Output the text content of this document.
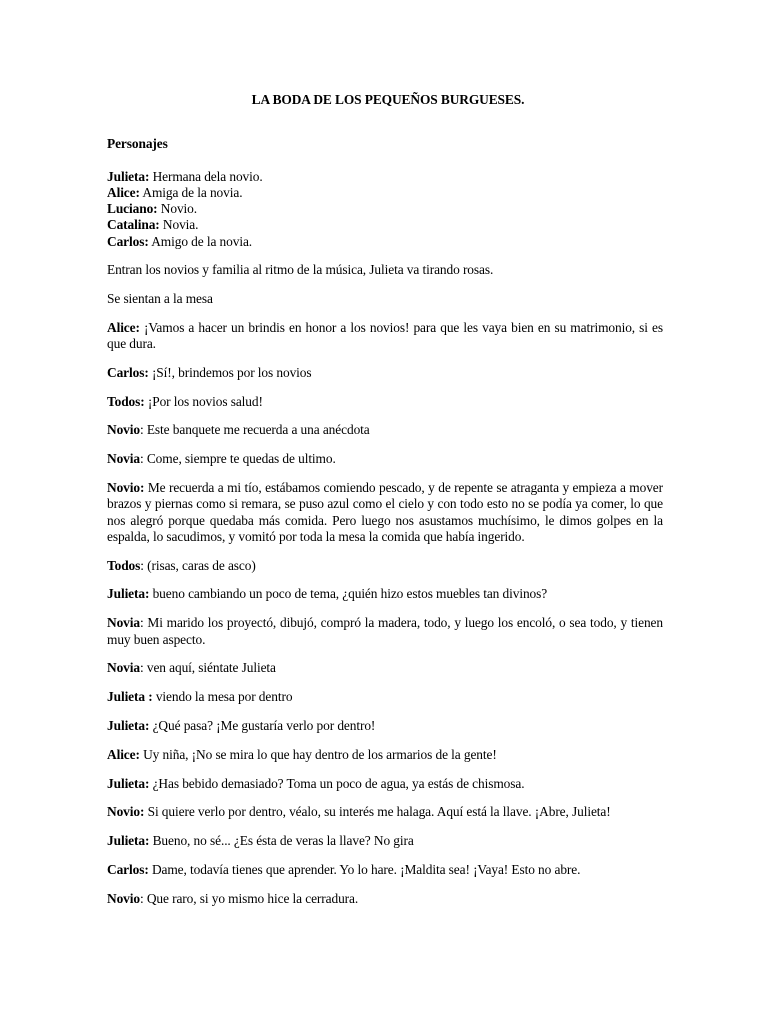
LA BODA DE LOS PEQUEÑOS BURGUESES.
Personajes
Julieta: Hermana dela novio.
Alice: Amiga de la novia.
Luciano: Novio.
Catalina: Novia.
Carlos: Amigo de la novia.

Entran los novios y familia al ritmo de la música, Julieta va tirando rosas.

Se sientan a la mesa

Alice: ¡Vamos a hacer un brindis en honor a los novios! para que les vaya bien en su matrimonio, si es que dura.

Carlos: ¡Sí!, brindemos por los novios

Todos: ¡Por los novios salud!

Novio: Este banquete me recuerda a una anécdota

Novia: Come, siempre te quedas de ultimo.

Novio: Me recuerda a mi tío, estábamos comiendo pescado, y de repente se atraganta y empieza a mover brazos y piernas como si remara, se puso azul como el cielo y con todo esto no se podía ya comer, lo que nos alegró porque quedaba más comida. Pero luego nos asustamos muchísimo, le dimos golpes en la espalda, lo sacudimos, y vomitó por toda la mesa la comida que había ingerido.

Todos: (risas, caras de asco)

Julieta: bueno cambiando un poco de tema, ¿quién hizo estos muebles tan divinos?

Novia: Mi marido los proyectó, dibujó, compró la madera, todo, y luego los encoló, o sea todo, y tienen muy buen aspecto.

Novia: ven aquí, siéntate Julieta

Julieta : viendo la mesa por dentro

Julieta: ¿Qué pasa? ¡Me gustaría verlo por dentro!

Alice: Uy niña, ¡No se mira lo que hay dentro de los armarios de la gente!

Julieta: ¿Has bebido demasiado? Toma un poco de agua, ya estás de chismosa.

Novio: Si quiere verlo por dentro, véalo, su interés me halaga. Aquí está la llave. ¡Abre, Julieta!

Julieta: Bueno, no sé... ¿Es ésta de veras la llave? No gira

Carlos: Dame, todavía tienes que aprender. Yo lo hare. ¡Maldita sea! ¡Vaya! Esto no abre.

Novio: Que raro, si yo mismo hice la cerradura.
